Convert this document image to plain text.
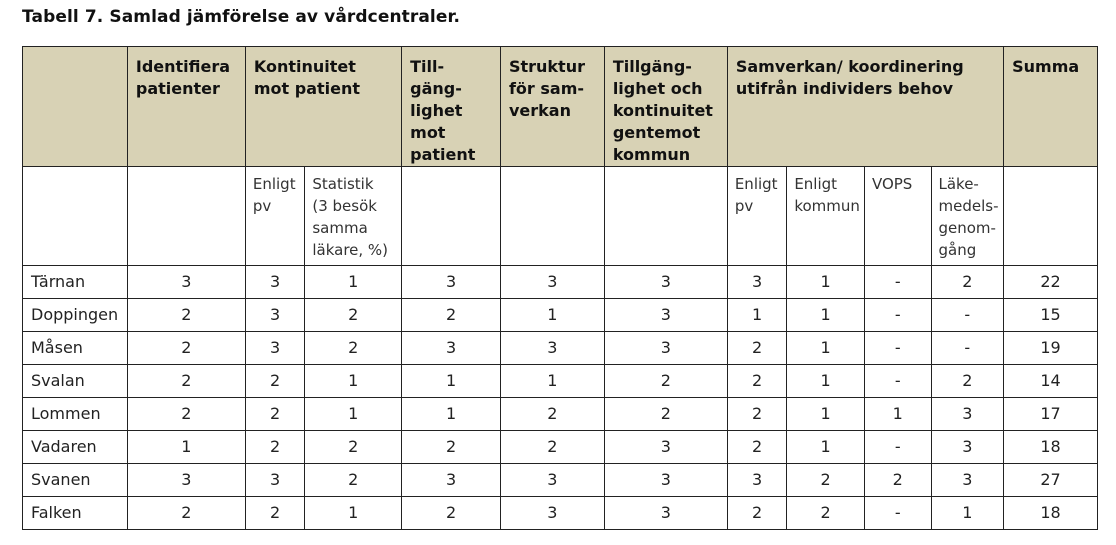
Tabell 7. Samlad jämförelse av vårdcentraler.

	Identifiera
patienter	Kontinuitet
mot patient		Till-
gäng-
lighet
mot
patient	Struktur
för sam-
verkan	Tillgäng-
lighet och
kontinuitet
gentemot
kommun	Samverkan/ koordinering
utifrån individers behov				Summa

		Enligt
pv	Statistik
(3 besök
samma
läkare, %)				Enligt
pv	Enligt
kommun	VOPS	Läke-
medels-
genom-
gång	

Tärnan	3	3	1	3	3	3	3	1	-	2	22
Doppingen	2	3	2	2	1	3	1	1	-	-	15
Måsen	2	3	2	3	3	3	2	1	-	-	19
Svalan	2	2	1	1	1	2	2	1	-	2	14
Lommen	2	2	1	1	2	2	2	1	1	3	17
Vadaren	1	2	2	2	2	3	2	1	-	3	18
Svanen	3	3	2	3	3	3	3	2	2	3	27
Falken	2	2	1	2	3	3	2	2	-	1	18
